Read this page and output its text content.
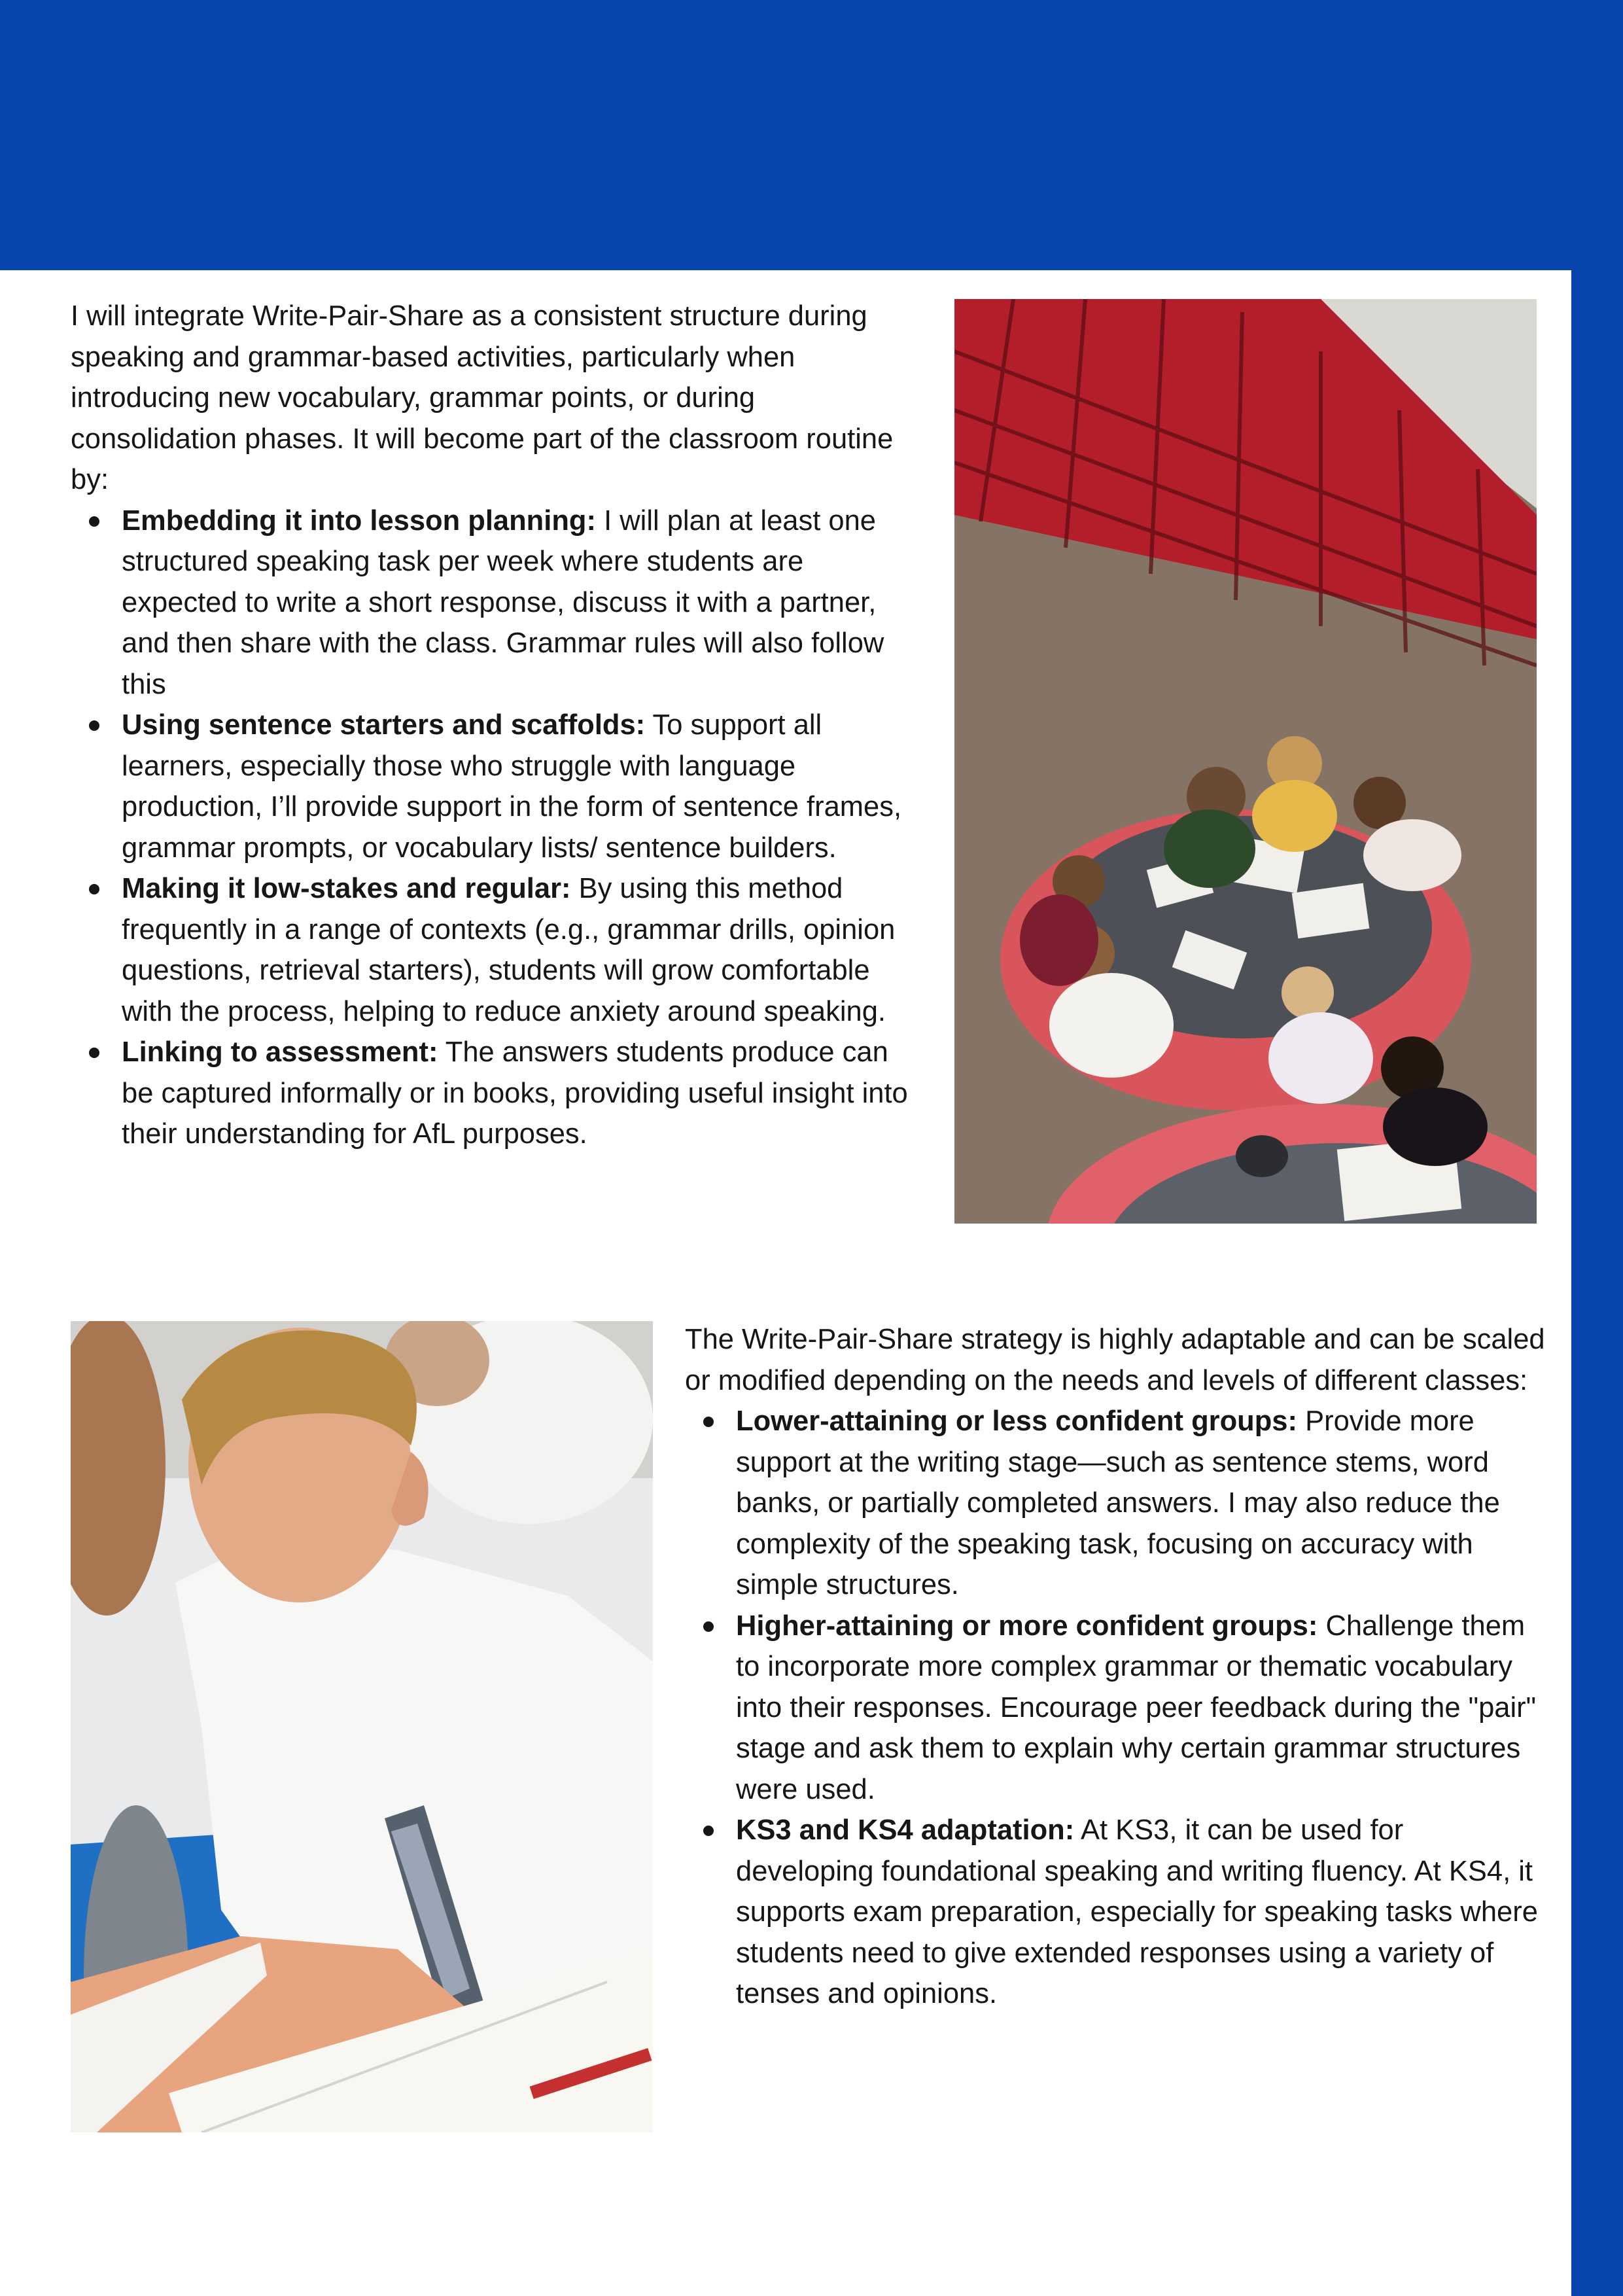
I will integrate Write-Pair-Share as a consistent structure during speaking and grammar-based activities, particularly when introducing new vocabulary, grammar points, or during consolidation phases. It will become part of the classroom routine by:

Embedding it into lesson planning: I will plan at least one structured speaking task per week where students are expected to write a short response, discuss it with a partner, and then share with the class. Grammar rules will also follow this
Using sentence starters and scaffolds: To support all learners, especially those who struggle with language production, I’ll provide support in the form of sentence frames, grammar prompts, or vocabulary lists/ sentence builders.
Making it low-stakes and regular: By using this method frequently in a range of contexts (e.g., grammar drills, opinion questions, retrieval starters), students will grow comfortable with the process, helping to reduce anxiety around speaking.
Linking to assessment: The answers students produce can be captured informally or in books, providing useful insight into their understanding for AfL purposes.

The Write-Pair-Share strategy is highly adaptable and can be scaled or modified depending on the needs and levels of different classes:

Lower-attaining or less confident groups: Provide more support at the writing stage—such as sentence stems, word banks, or partially completed answers. I may also reduce the complexity of the speaking task, focusing on accuracy with simple structures.
Higher-attaining or more confident groups: Challenge them to incorporate more complex grammar or thematic vocabulary into their responses. Encourage peer feedback during the "pair" stage and ask them to explain why certain grammar structures were used.
KS3 and KS4 adaptation: At KS3, it can be used for developing foundational speaking and writing fluency. At KS4, it supports exam preparation, especially for speaking tasks where students need to give extended responses using a variety of tenses and opinions.
